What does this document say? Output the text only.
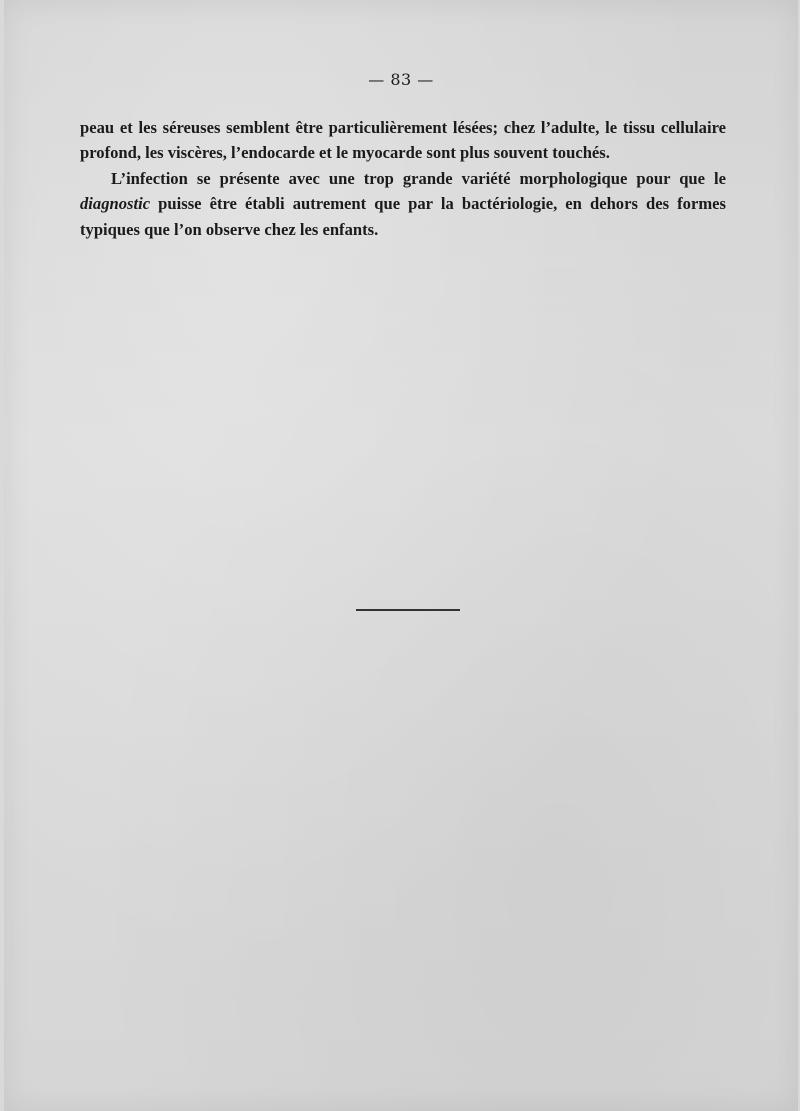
— 83 —

peau et les séreuses semblent être particulièrement lésées; chez l’adulte, le tissu cellulaire profond, les viscères, l’endocarde et le myocarde sont plus souvent touchés.

L’infection se présente avec une trop grande variété morphologique pour que le diagnostic puisse être établi autrement que par la bactériologie, en dehors des formes typiques que l’on observe chez les enfants.
